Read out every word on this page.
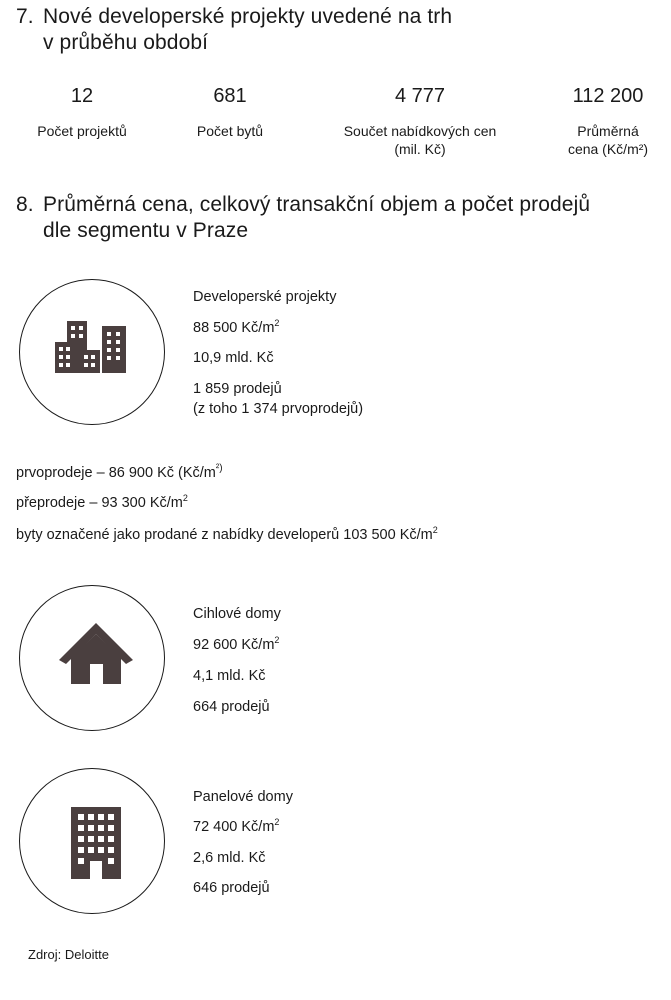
7. Nové developerské projekty uvedené na trh
v průběhu období
12
Počet projektů
681
Počet bytů
4 777
Součet nabídkových cen
(mil. Kč)
112 200
Průměrná
cena (Kč/m²)
8. Průměrná cena, celkový transakční objem a počet prodejů
dle segmentu v Praze
Developerské projekty
88 500 $Kč/m^2$
10,9 mld. Kč
1 859 prodejů
(z toho 1 374 prvoprodejů)
prvoprodeje – 86 900 Kč ($Kč/m^{^2)}$
přeprodeje – 93 300 $Kč/m^2$
byty označené jako prodané z nabídky developerů 103 500 $Kč/m^2$
Cihlové domy
92 600 $Kč/m^2$
4,1 mld. Kč
664 prodejů
Panelové domy
72 400 $Kč/m^2$
2,6 mld. Kč
646 prodejů
Zdroj: Deloitte
